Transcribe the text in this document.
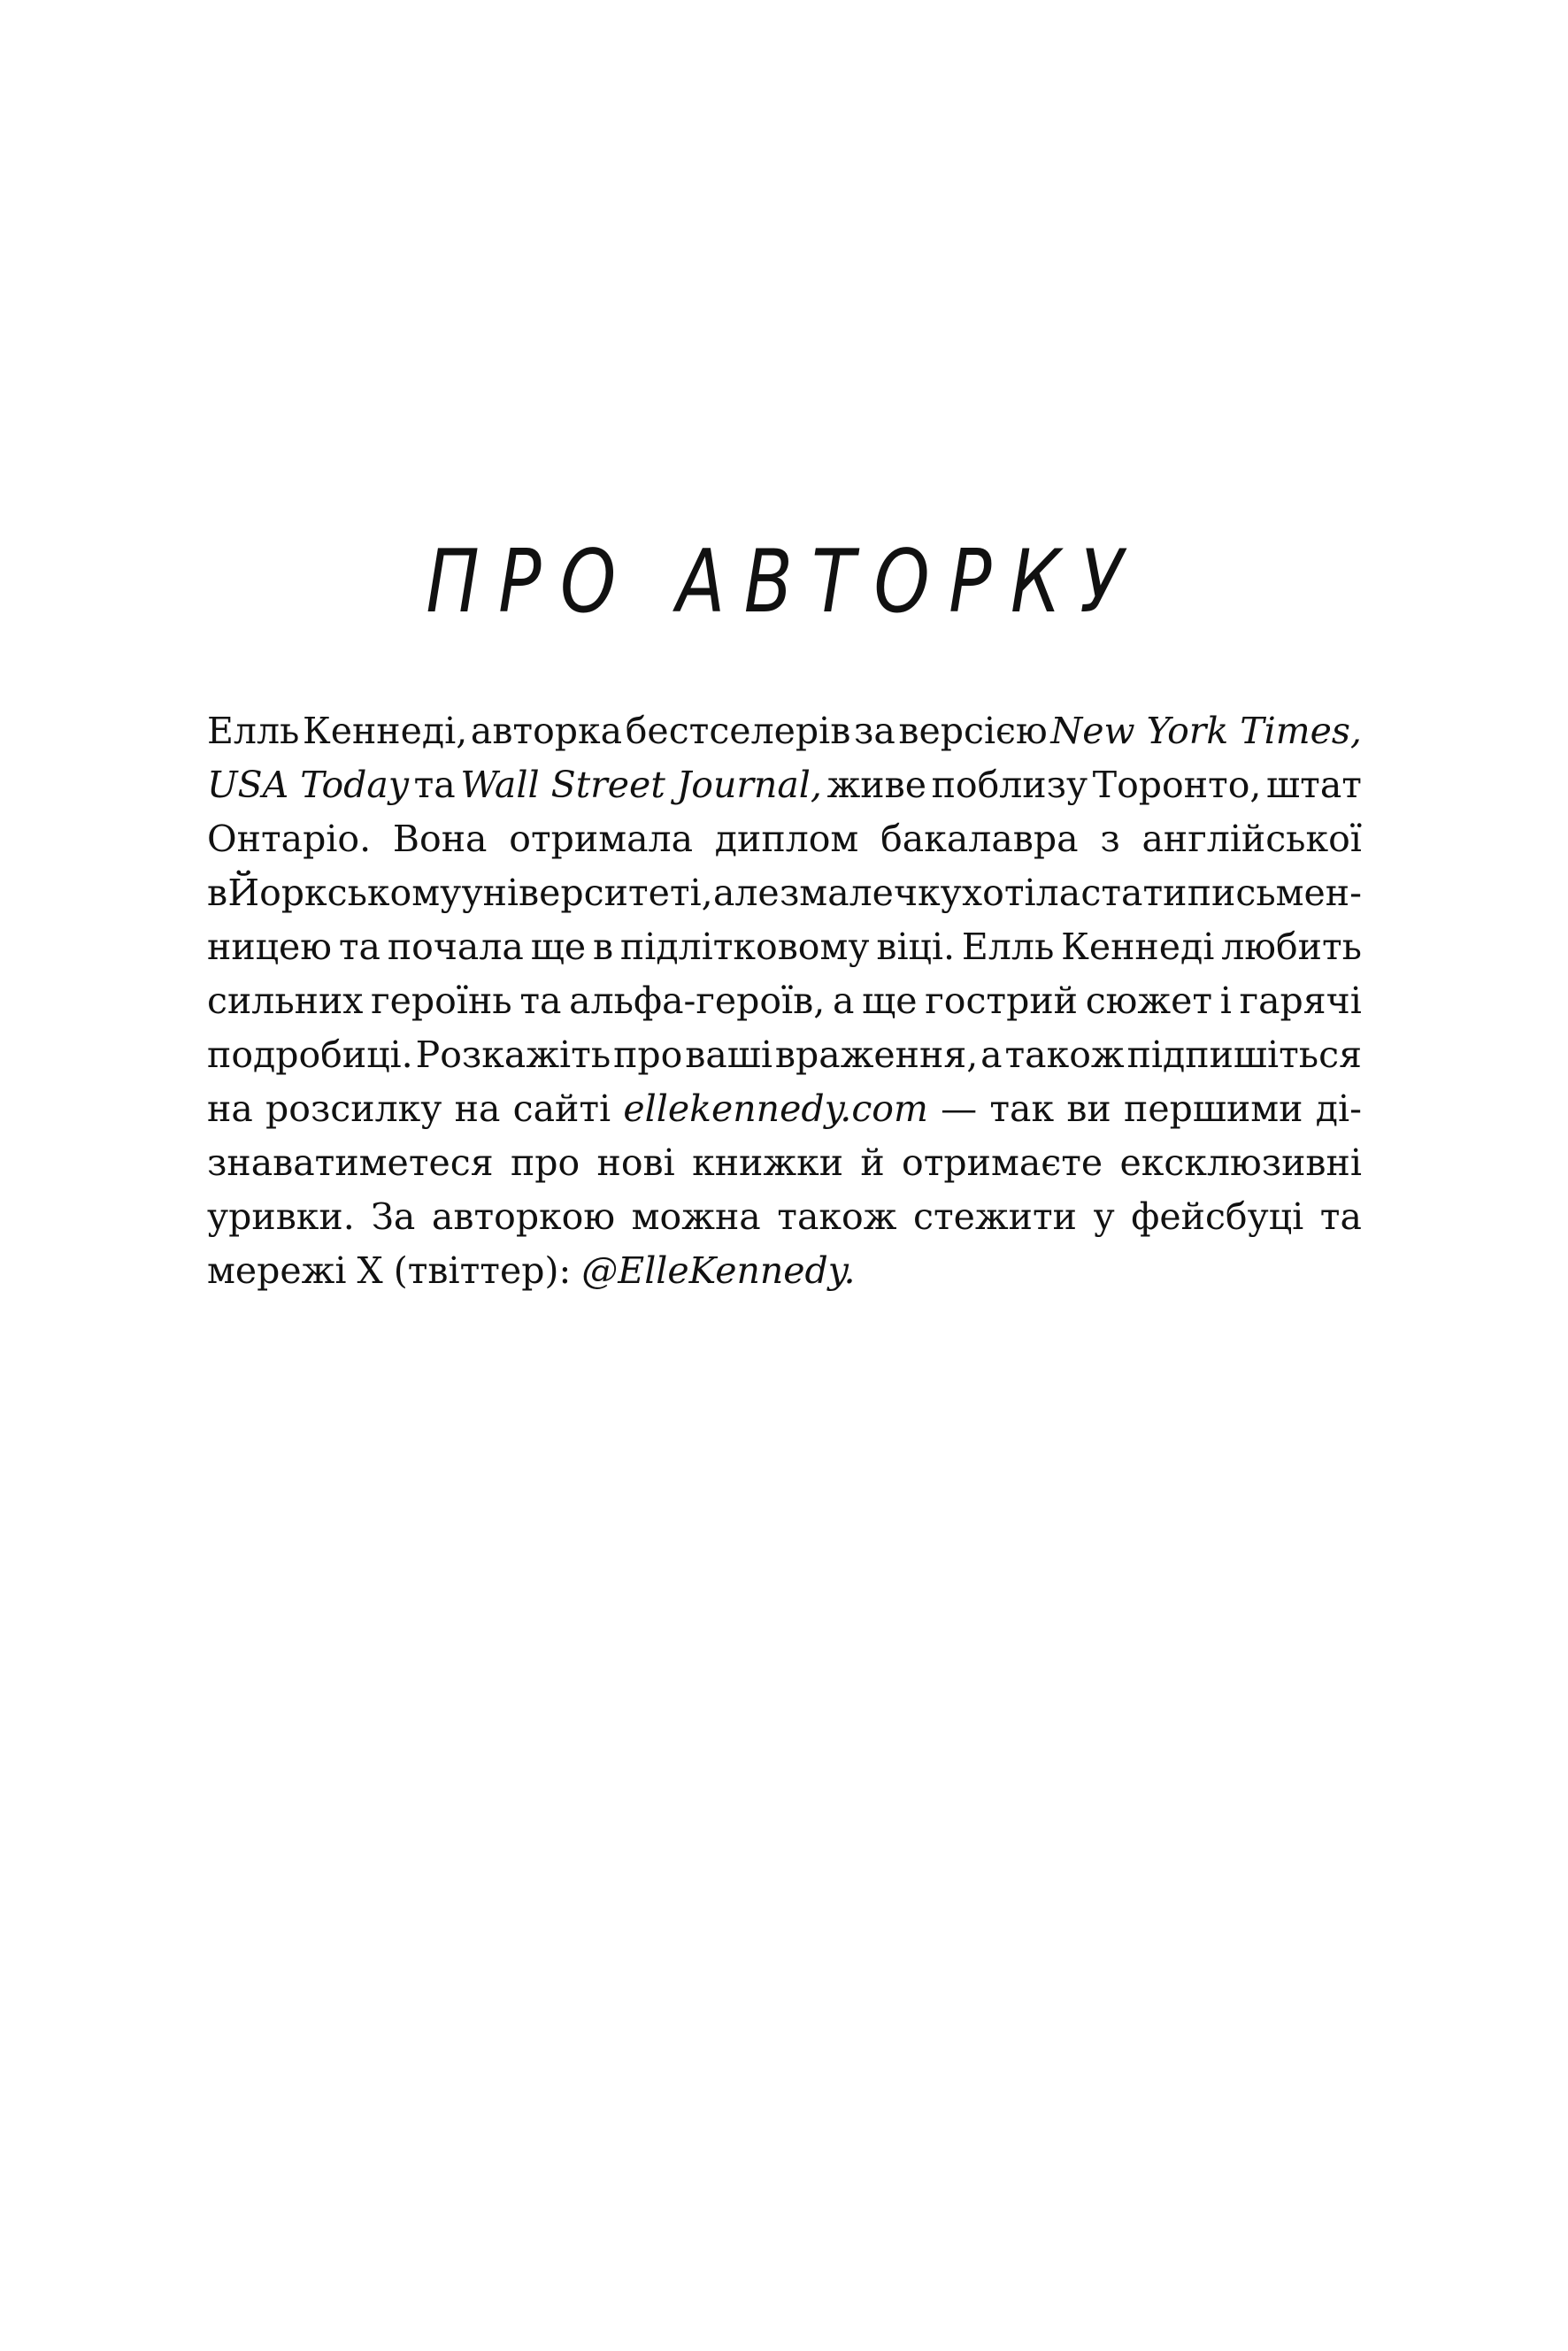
ПРО АВТОРКУ
Елль Кеннеді, авторка бестселерів за версією New York Times,
USA Today та Wall Street Journal, живе поблизу Торонто, штат
Онтаріо. Вона отримала диплом бакалавра з англійської
в Йоркському університеті, але змалечку хотіла стати письмен-
ницею та почала ще в підлітковому віці. Елль Кеннеді любить
сильних героїнь та альфа-героїв, а ще гострий сюжет і гарячі
подробиці. Розкажіть про ваші враження, а також підпишіться
на розсилку на сайті ellekennedy.com — так ви першими ді-
знаватиметеся про нові книжки й отримаєте ексклюзивні
уривки. За авторкою можна також стежити у фейсбуці та
мережі X (твіттер): @ElleKennedy.
